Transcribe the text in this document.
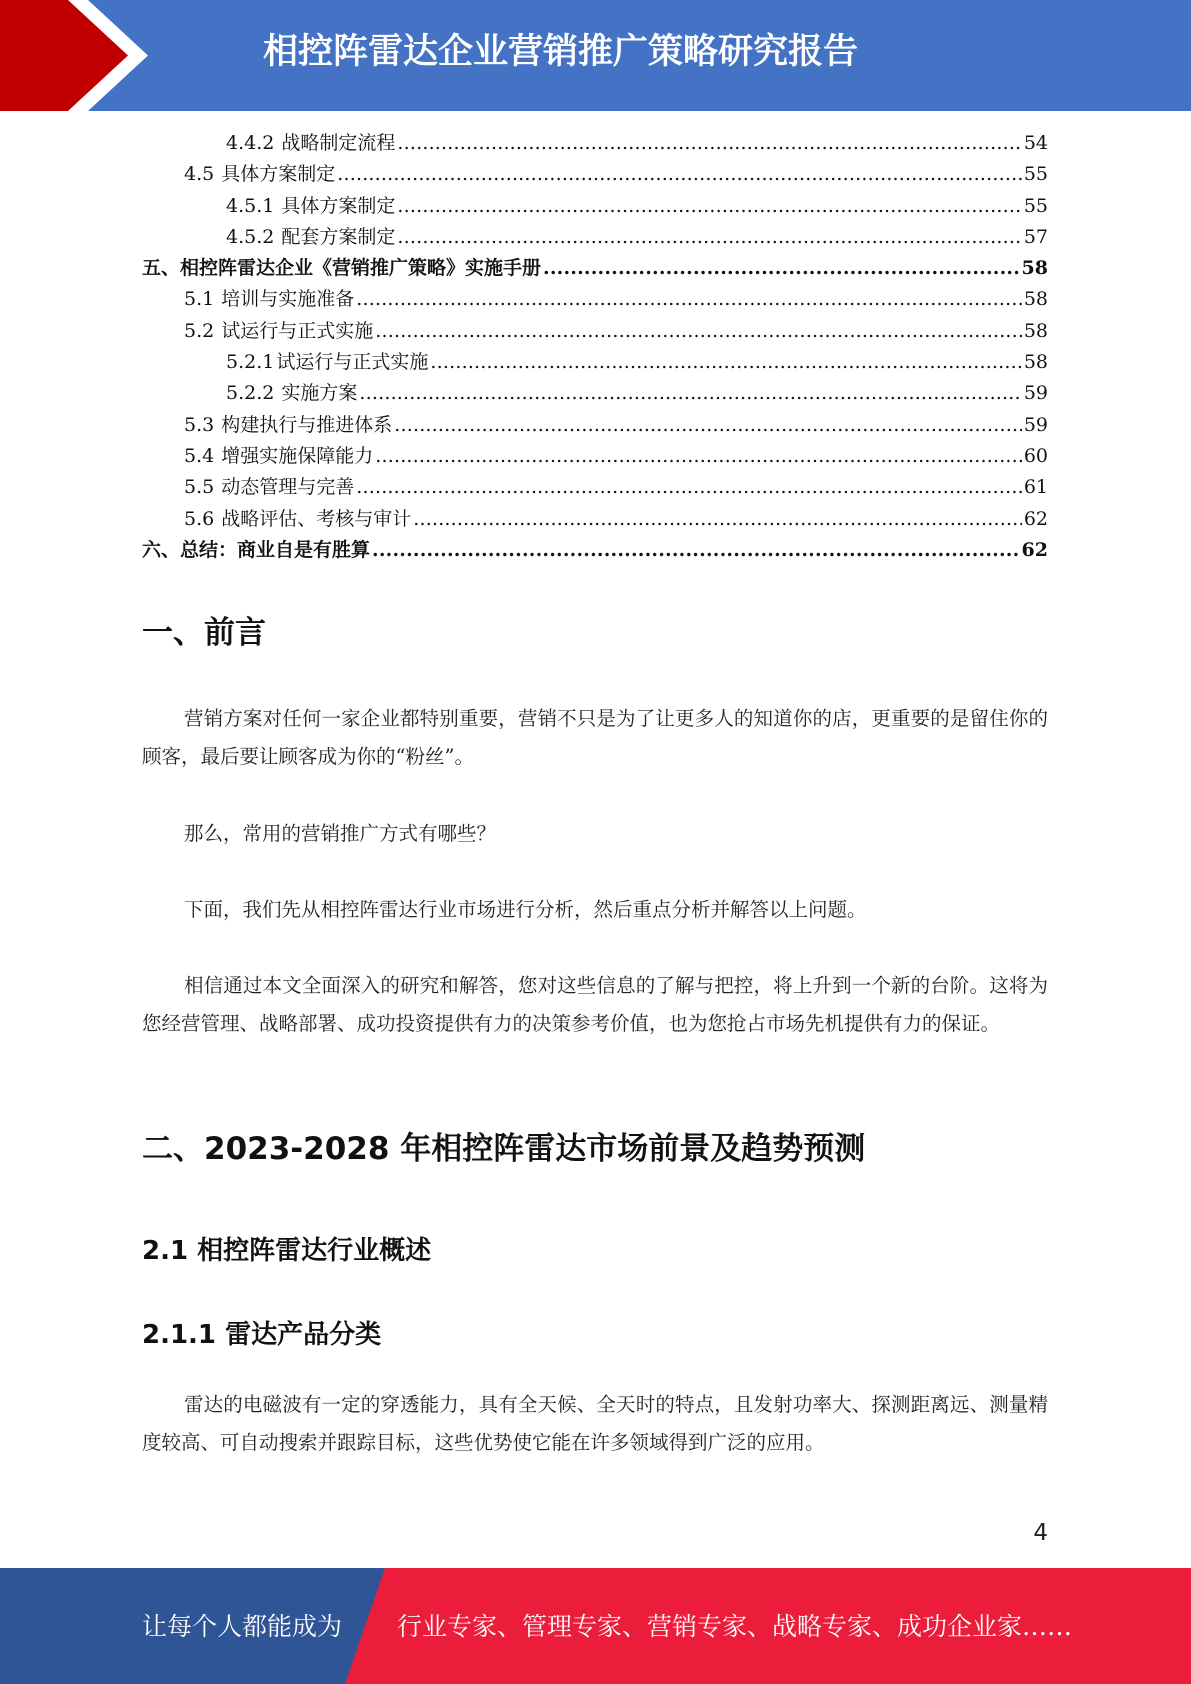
相控阵雷达企业营销推广策略研究报告
4.4.2 战略制定流程 .....	54
4.5 具体方案制定 .....	55
4.5.1 具体方案制定 .....	55
4.5.2 配套方案制定 .....	57
五、相控阵雷达企业《营销推广策略》实施手册 .....	58
5.1 培训与实施准备 .....	58
5.2 试运行与正式实施 .....	58
5.2.1 试运行与正式实施 .....	58
5.2.2 实施方案 .....	59
5.3 构建执行与推进体系 .....	59
5.4 增强实施保障能力 .....	60
5.5 动态管理与完善 .....	61
5.6 战略评估、考核与审计 .....	62
六、总结：商业自是有胜算 .....	62
一、前言

营销方案对任何一家企业都特别重要，营销不只是为了让更多人的知道你的店，更重要的是留住你的顾客，最后要让顾客成为你的“粉丝”。

那么，常用的营销推广方式有哪些？

下面，我们先从相控阵雷达行业市场进行分析，然后重点分析并解答以上问题。

相信通过本文全面深入的研究和解答，您对这些信息的了解与把控，将上升到一个新的台阶。这将为您经营管理、战略部署、成功投资提供有力的决策参考价值，也为您抢占市场先机提供有力的保证。

二、2023-2028 年相控阵雷达市场前景及趋势预测
2.1 相控阵雷达行业概述
2.1.1 雷达产品分类

雷达的电磁波有一定的穿透能力，具有全天候、全天时的特点，且发射功率大、探测距离远、测量精度较高、可自动搜索并跟踪目标，这些优势使它能在许多领域得到广泛的应用。

4
让每个人都能成为 行业专家、管理专家、营销专家、战略专家、成功企业家……
